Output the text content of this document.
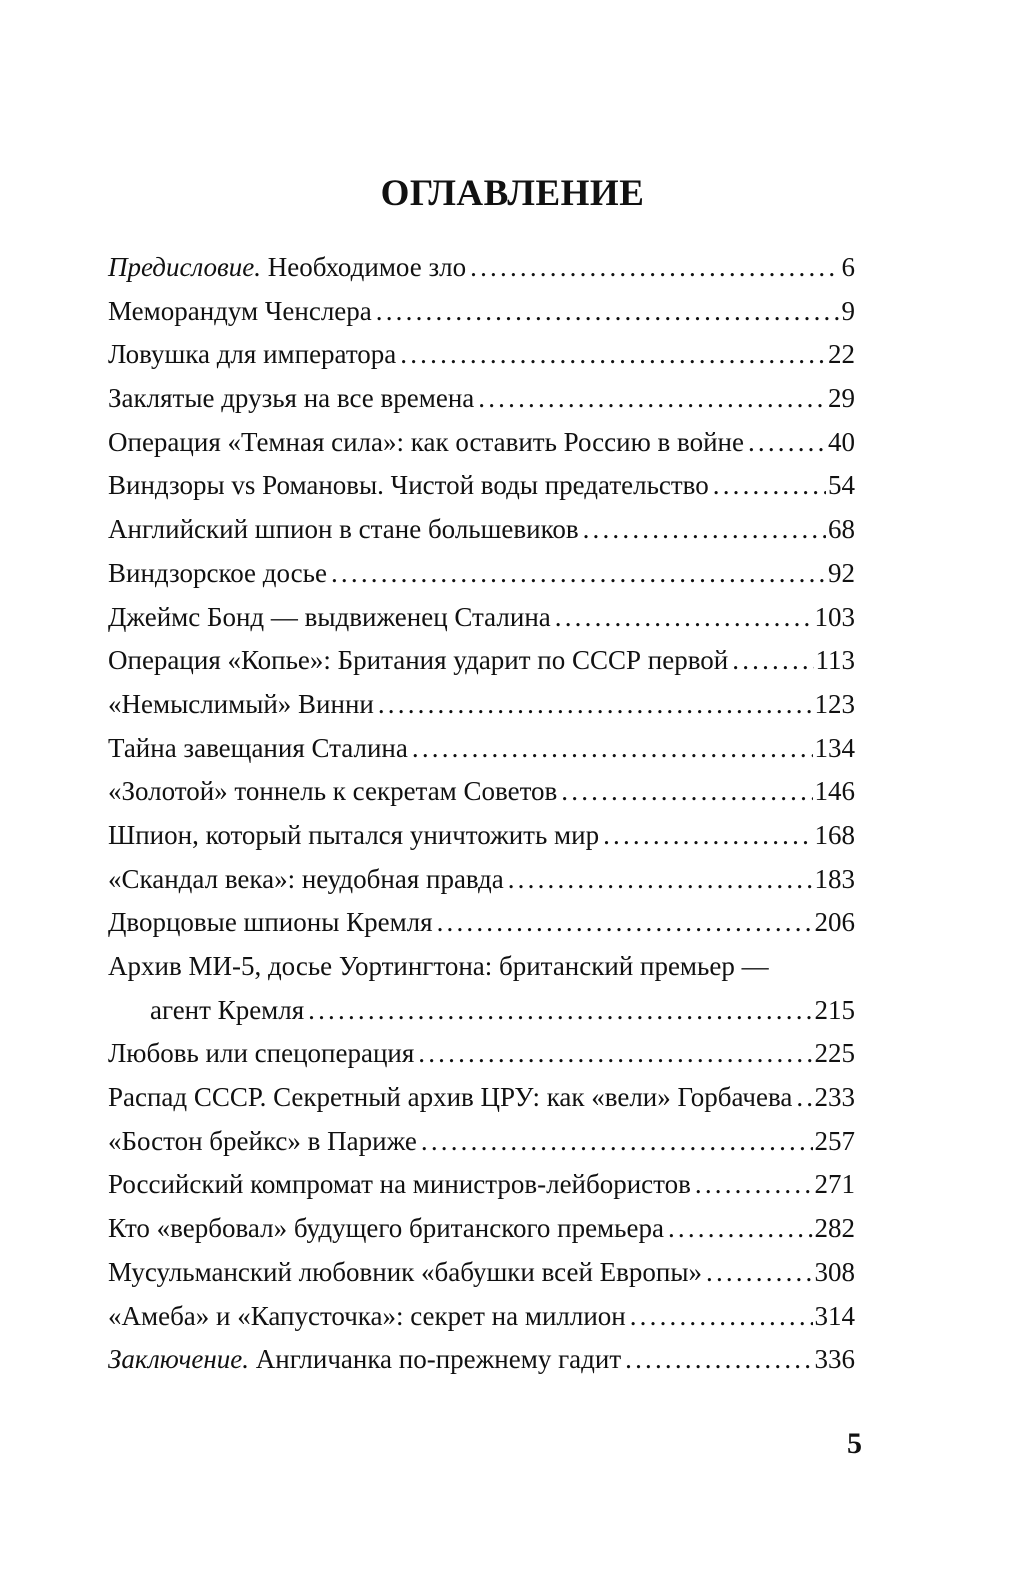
ОГЛАВЛЕНИЕ
Предисловие. Необходимое зло .....	6
Меморандум Ченслера .....	9
Ловушка для императора .....	22
Заклятые друзья на все времена .....	29
Операция «Темная сила»: как оставить Россию в войне .....	40
Виндзоры vs Романовы. Чистой воды предательство .....	54
Английский шпион в стане большевиков .....	68
Виндзорское досье .....	92
Джеймс Бонд — выдвиженец Сталина .....	103
Операция «Копье»: Британия ударит по СССР первой .....	113
«Немыслимый» Винни .....	123
Тайна завещания Сталина .....	134
«Золотой» тоннель к секретам Советов .....	146
Шпион, который пытался уничтожить мир .....	168
«Скандал века»: неудобная правда .....	183
Дворцовые шпионы Кремля .....	206
Архив МИ-5, досье Уортингтона: британский премьер —
агент Кремля .....	215
Любовь или спецоперация .....	225
Распад СССР. Секретный архив ЦРУ: как «вели» Горбачева ..... 233
«Бостон брейкс» в Париже .....	257
Российский компромат на министров-лейбористов .....	271
Кто «вербовал» будущего британского премьера .....	282
Мусульманский любовник «бабушки всей Европы» .....	308
«Амеба» и «Капусточка»: секрет на миллион .....	314
Заключение. Англичанка по-прежнему гадит .....	336
5
